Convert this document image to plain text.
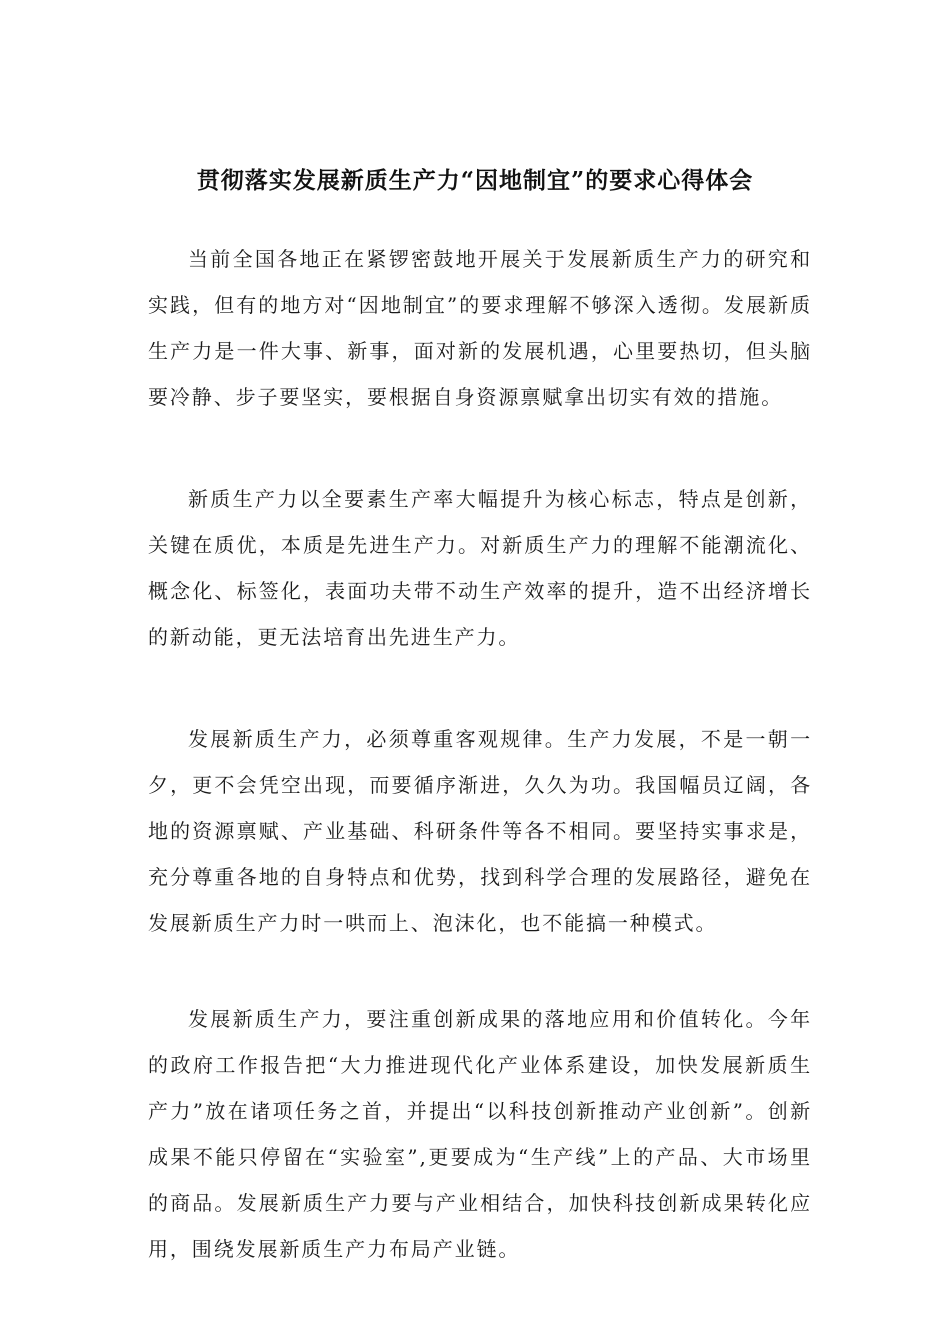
贯彻落实发展新质生产力“因地制宜”的要求心得体会

当前全国各地正在紧锣密鼓地开展关于发展新质生产力的研究和实践，但有的地方对“因地制宜”的要求理解不够深入透彻。发展新质生产力是一件大事、新事，面对新的发展机遇，心里要热切，但头脑要冷静、步子要坚实，要根据自身资源禀赋拿出切实有效的措施。

新质生产力以全要素生产率大幅提升为核心标志，特点是创新，关键在质优，本质是先进生产力。对新质生产力的理解不能潮流化、概念化、标签化，表面功夫带不动生产效率的提升，造不出经济增长的新动能，更无法培育出先进生产力。

发展新质生产力，必须尊重客观规律。生产力发展，不是一朝一夕，更不会凭空出现，而要循序渐进，久久为功。我国幅员辽阔，各地的资源禀赋、产业基础、科研条件等各不相同。要坚持实事求是，充分尊重各地的自身特点和优势，找到科学合理的发展路径，避免在发展新质生产力时一哄而上、泡沫化，也不能搞一种模式。

发展新质生产力，要注重创新成果的落地应用和价值转化。今年的政府工作报告把“大力推进现代化产业体系建设，加快发展新质生产力”放在诸项任务之首，并提出“以科技创新推动产业创新”。创新成果不能只停留在“实验室”,更要成为“生产线”上的产品、大市场里的商品。发展新质生产力要与产业相结合，加快科技创新成果转化应用，围绕发展新质生产力布局产业链。
